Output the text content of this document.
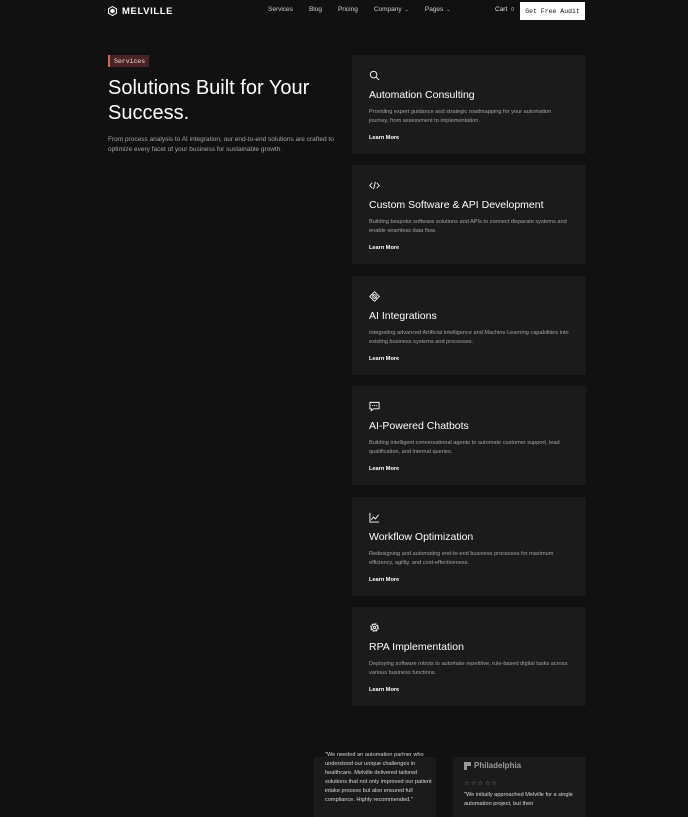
MELVILLE	Services Blog Pricing Company ⌄ Pages ⌄	Cart 0	Get Free Audit
Services
Solutions Built for Your Success.

From process analysis to AI integration, our end-to-end solutions are crafted to optimize every facet of your business for sustainable growth.

Automation Consulting
Providing expert guidance and strategic roadmapping for your automation journey, from assessment to implementation.
Learn More
Custom Software & API Development
Building bespoke software solutions and APIs to connect disparate systems and enable seamless data flow.
Learn More
AI Integrations
Integrating advanced Artificial Intelligence and Machine Learning capabilities into existing business systems and processes.
Learn More
AI-Powered Chatbots
Building intelligent conversational agents to automate customer support, lead qualification, and internal queries.
Learn More
Workflow Optimization
Redesigning and automating end-to-end business processes for maximum efficiency, agility, and cost-effectiveness.
Learn More
RPA Implementation
Deploying software robots to automate repetitive, rule-based digital tasks across various business functions.
Learn More

"We needed an automation partner who understood our unique challenges in healthcare. Melville delivered tailored solutions that not only improved our patient intake process but also ensured full compliance. Highly recommended."

Philadelphia
☆☆☆☆☆

"We initially approached Melville for a single automation project, but their
